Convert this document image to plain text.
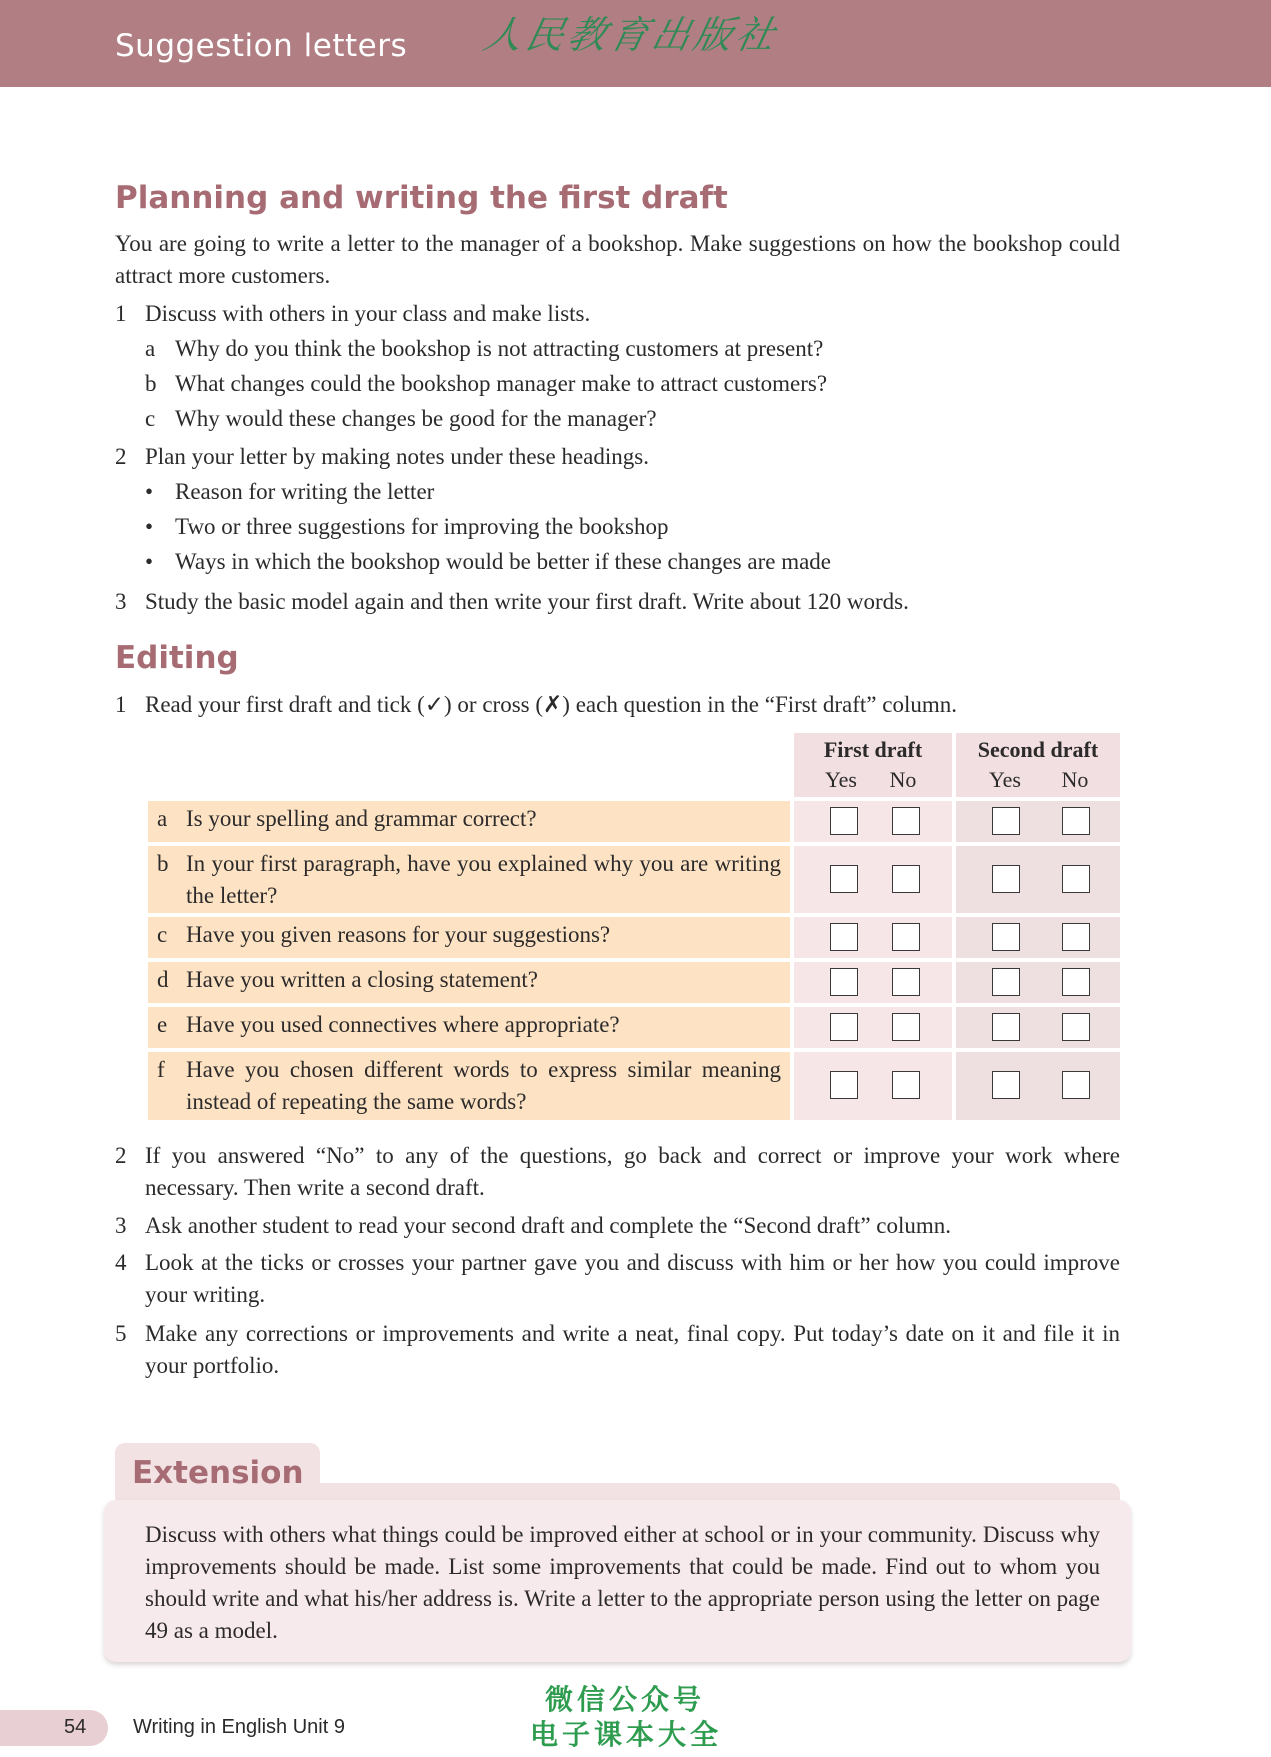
Suggestion letters 人民教育出版社
Planning and writing the first draft

You are going to write a letter to the manager of a bookshop. Make suggestions on how the bookshop could attract more customers.

1 Discuss with others in your class and make lists.
a Why do you think the bookshop is not attracting customers at present?
b What changes could the bookshop manager make to attract customers?
c Why would these changes be good for the manager?
2 Plan your letter by making notes under these headings.
• Reason for writing the letter
• Two or three suggestions for improving the bookshop
• Ways in which the bookshop would be better if these changes are made
3 Study the basic model again and then write your first draft. Write about 120 words.
Editing
1 Read your first draft and tick (✓) or cross (✗) each question in the “First draft” column.
First draft
Yes	No
Second draft
Yes	No
a Is your spelling and grammar correct?
b In your first paragraph, have you explained why you are writing the letter?
c Have you given reasons for your suggestions?
d Have you written a closing statement?
e Have you used connectives where appropriate?
f Have you chosen different words to express similar meaning instead of repeating the same words?
2 If you answered “No” to any of the questions, go back and correct or improve your work where necessary. Then write a second draft.
3 Ask another student to read your second draft and complete the “Second draft” column.
4 Look at the ticks or crosses your partner gave you and discuss with him or her how you could improve your writing.
5 Make any corrections or improvements and write a neat, final copy. Put today’s date on it and file it in your portfolio.
Extension

Discuss with others what things could be improved either at school or in your community. Discuss why improvements should be made. List some improvements that could be made. Find out to whom you should write and what his/her address is. Write a letter to the appropriate person using the letter on page 49 as a model.

54 Writing in English Unit 9
微信公众号
电子课本大全
